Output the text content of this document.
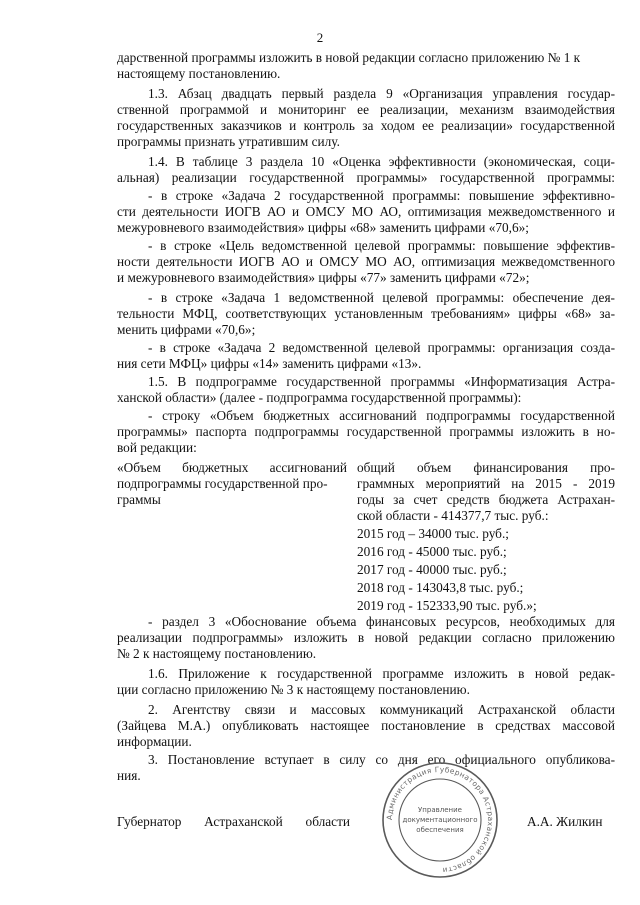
2
дарственной программы изложить в новой редакции согласно приложению № 1 к
настоящему постановлению.
1.3. Абзац двадцать первый раздела 9 «Организация управления государ-
ственной программой и мониторинг ее реализации, механизм взаимодействия
государственных заказчиков и контроль за ходом ее реализации» государственной
программы признать утратившим силу.
1.4. В таблице 3 раздела 10 «Оценка эффективности (экономическая, соци-
альная) реализации государственной программы» государственной программы:
- в строке «Задача 2 государственной программы: повышение эффективно-
сти деятельности ИОГВ АО и ОМСУ МО АО, оптимизация межведомственного и
межуровневого взаимодействия» цифры «68» заменить цифрами «70,6»;
- в строке «Цель ведомственной целевой программы: повышение эффектив-
ности деятельности ИОГВ АО и ОМСУ МО АО, оптимизация межведомственного
и межуровневого взаимодействия» цифры «77» заменить цифрами «72»;
- в строке «Задача 1 ведомственной целевой программы: обеспечение дея-
тельности МФЦ, соответствующих установленным требованиям» цифры «68» за-
менить цифрами «70,6»;
- в строке «Задача 2 ведомственной целевой программы: организация созда-
ния сети МФЦ» цифры «14» заменить цифрами «13».
1.5. В подпрограмме государственной программы «Информатизация Астра-
ханской области» (далее - подпрограмма государственной программы):
- строку «Объем бюджетных ассигнований подпрограммы государственной
программы» паспорта подпрограммы государственной программы изложить в но-
вой редакции:
«Объем бюджетных ассигнований
подпрограммы государственной про-
граммы
общий объем финансирования про-
граммных мероприятий на 2015 - 2019
годы за счет средств бюджета Астрахан-
ской области - 414377,7 тыс. руб.:
2015 год – 34000 тыс. руб.;
2016 год - 45000 тыс. руб.;
2017 год - 40000 тыс. руб.;
2018 год - 143043,8 тыс. руб.;
2019 год - 152333,90 тыс. руб.»;
- раздел 3 «Обоснование объема финансовых ресурсов, необходимых для
реализации подпрограммы» изложить в новой редакции согласно приложению
№ 2 к настоящему постановлению.
1.6. Приложение к государственной программе изложить в новой редак-
ции согласно приложению № 3 к настоящему постановлению.
2. Агентству связи и массовых коммуникаций Астраханской области
(Зайцева М.А.) опубликовать настоящее постановление в средствах массовой
информации.
3. Постановление вступает в силу со дня его официального опубликова-
ния.
Губернатор Астраханской области	А.А. Жилкин
Администрация Губернатора Астраханской области
Управление
документационного
обеспечения
